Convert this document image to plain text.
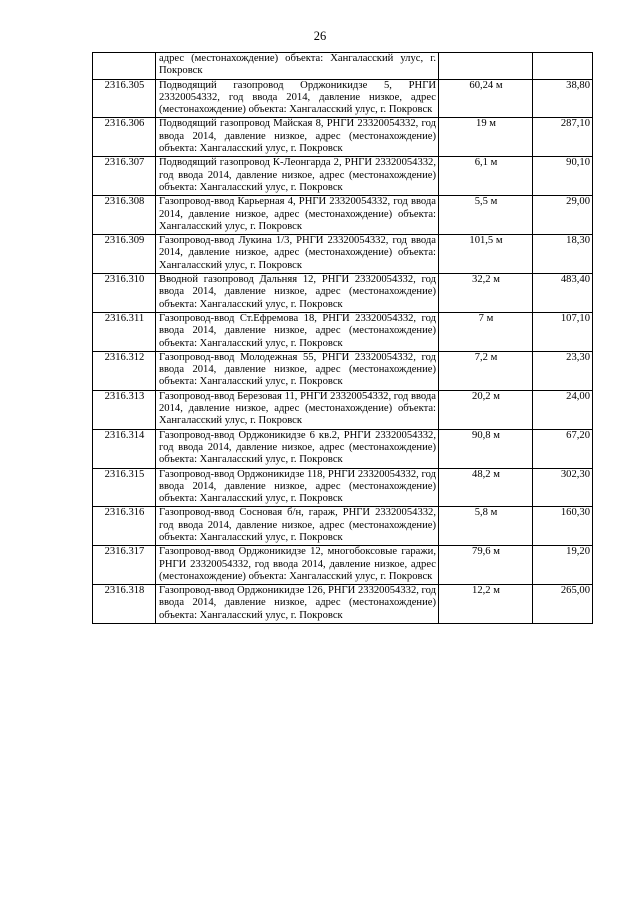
26
	адрес (местонахождение) объекта: Хангаласский улус, г. Покровск		
2316.305	Подводящий газопровод Орджоникидзе 5, РНГИ 23320054332, год ввода 2014, давление низкое, адрес (местонахождение) объекта: Хангаласский улус, г. Покровск	60,24 м	38,80
2316.306	Подводящий газопровод Майская 8, РНГИ 23320054332, год ввода 2014, давление низкое, адрес (местонахождение) объекта: Хангаласский улус, г. Покровск	19 м	287,10
2316.307	Подводящий газопровод К-Леонгарда 2, РНГИ 23320054332, год ввода 2014, давление низкое, адрес (местонахождение) объекта: Хангаласский улус, г. Покровск	6,1 м	90,10
2316.308	Газопровод-ввод Карьерная 4, РНГИ 23320054332, год ввода 2014, давление низкое, адрес (местонахождение) объекта: Хангаласский улус, г. Покровск	5,5 м	29,00
2316.309	Газопровод-ввод Лукина 1/3, РНГИ 23320054332, год ввода 2014, давление низкое, адрес (местонахождение) объекта: Хангаласский улус, г. Покровск	101,5 м	18,30
2316.310	Вводной газопровод Дальняя 12, РНГИ 23320054332, год ввода 2014, давление низкое, адрес (местонахождение) объекта: Хангаласский улус, г. Покровск	32,2 м	483,40
2316.311	Газопровод-ввод Ст.Ефремова 18, РНГИ 23320054332, год ввода 2014, давление низкое, адрес (местонахождение) объекта: Хангаласский улус, г. Покровск	7 м	107,10
2316.312	Газопровод-ввод Молодежная 55, РНГИ 23320054332, год ввода 2014, давление низкое, адрес (местонахождение) объекта: Хангаласский улус, г. Покровск	7,2 м	23,30
2316.313	Газопровод-ввод Березовая 11, РНГИ 23320054332, год ввода 2014, давление низкое, адрес (местонахождение) объекта: Хангаласский улус, г. Покровск	20,2 м	24,00
2316.314	Газопровод-ввод Орджоникидзе 6 кв.2, РНГИ 23320054332, год ввода 2014, давление низкое, адрес (местонахождение) объекта: Хангаласский улус, г. Покровск	90,8 м	67,20
2316.315	Газопровод-ввод Орджоникидзе 118, РНГИ 23320054332, год ввода 2014, давление низкое, адрес (местонахождение) объекта: Хангаласский улус, г. Покровск	48,2 м	302,30
2316.316	Газопровод-ввод Сосновая б/н, гараж, РНГИ 23320054332, год ввода 2014, давление низкое, адрес (местонахождение) объекта: Хангаласский улус, г. Покровск	5,8 м	160,30
2316.317	Газопровод-ввод Орджоникидзе 12, многобоксовые гаражи, РНГИ 23320054332, год ввода 2014, давление низкое, адрес (местонахождение) объекта: Хангаласский улус, г. Покровск	79,6 м	19,20
2316.318	Газопровод-ввод Орджоникидзе 126, РНГИ 23320054332, год ввода 2014, давление низкое, адрес (местонахождение) объекта: Хангаласский улус, г. Покровск	12,2 м	265,00
